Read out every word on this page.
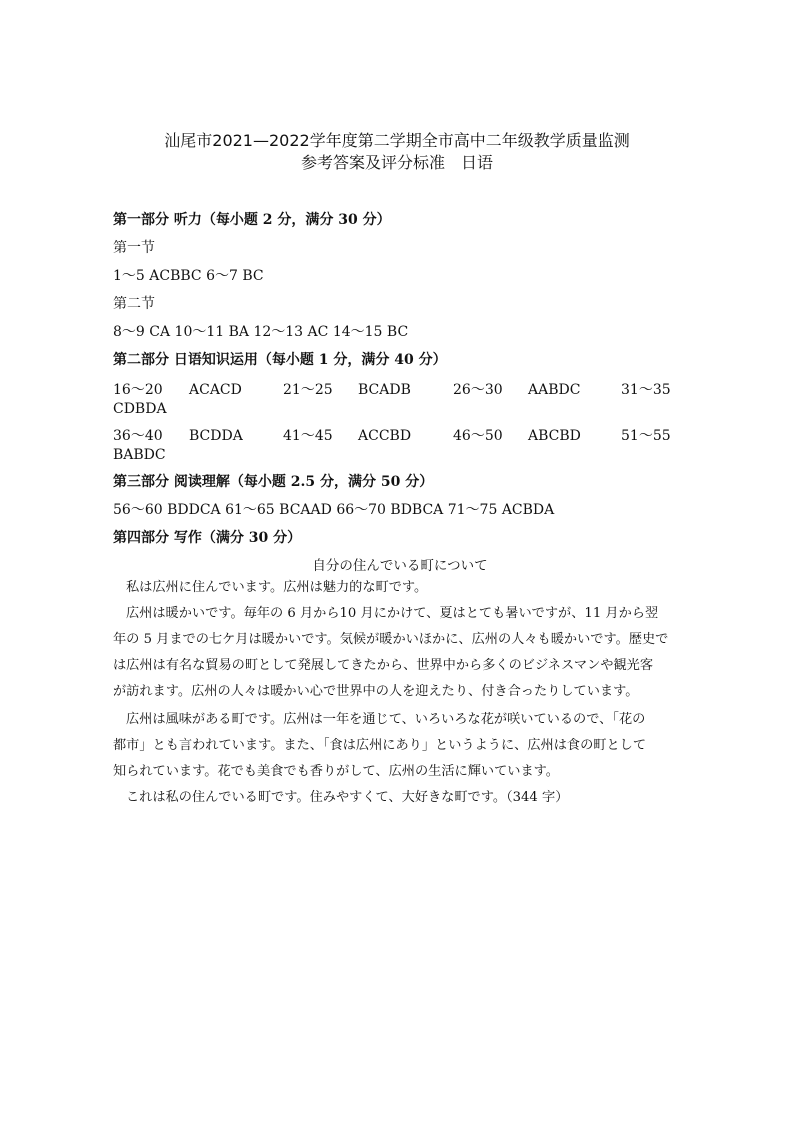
汕尾市2021—2022学年度第二学期全市高中二年级教学质量监测
参考答案及评分标准　日语
第一部分 听力（每小题 2 分，满分 30 分）
第一节
1～5 ACBBC 6～7 BC
第二节
8～9 CA 10～11 BA 12～13 AC 14～15 BC
第二部分 日语知识运用（每小题 1 分，满分 40 分）
16～20 ACACD	21～25 BCADB	26～30 AABDC	31～35
CDBDA
36～40 BCDDA	41～45 ACCBD	46～50 ABCBD	51～55
BABDC
第三部分 阅读理解（每小题 2.5 分，满分 50 分）
56～60 BDDCA 61～65 BCAAD 66～70 BDBCA 71～75 ACBDA
第四部分 写作（满分 30 分）
自分の住んでいる町について
私は広州に住んでいます。広州は魅力的な町です。
広州は暖かいです。毎年の 6 月から10 月にかけて、夏はとても暑いですが、11 月から翌
年の 5 月までの七ケ月は暖かいです。気候が暖かいほかに、広州の人々も暖かいです。歴史で
は広州は有名な貿易の町として発展してきたから、世界中から多くのビジネスマンや観光客
が訪れます。広州の人々は暖かい心で世界中の人を迎えたり、付き合ったりしています。
広州は風味がある町です。広州は一年を通じて、いろいろな花が咲いているので、「花の
都市」とも言われています。また、「食は広州にあり」というように、広州は食の町として
知られています。花でも美食でも香りがして、広州の生活に輝いています。
これは私の住んでいる町です。住みやすくて、大好きな町です。（344 字）
